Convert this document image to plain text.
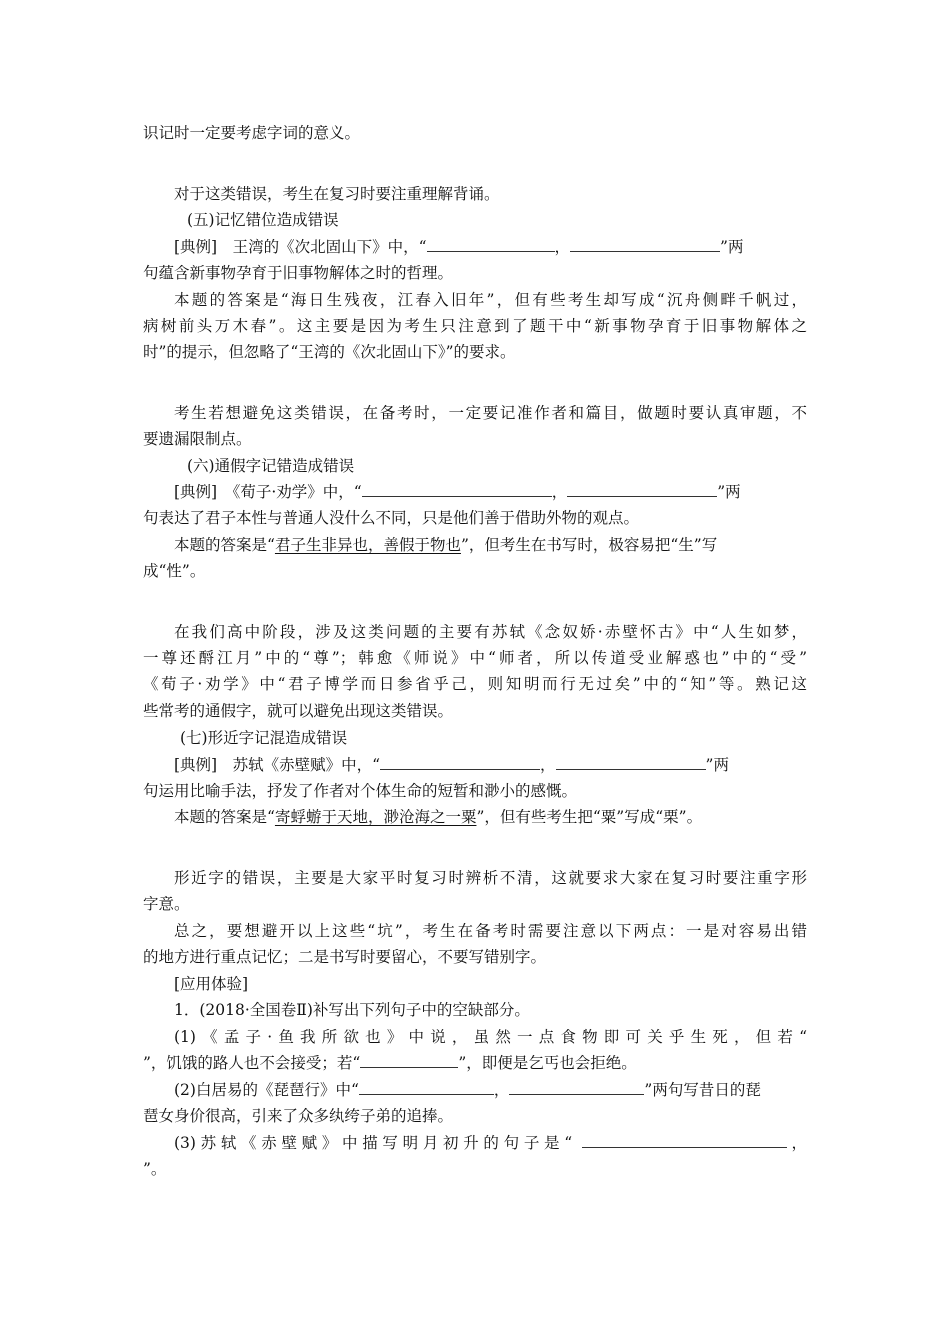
识记时一定要考虑字词的意义。
对于这类错误，考生在复习时要注重理解背诵。
(五)记忆错位造成错误
[典例]　王湾的《次北固山下》中，“	，	”两
句蕴含新事物孕育于旧事物解体之时的哲理。
本题的答案是“海日生残夜，江春入旧年”，但有些考生却写成“沉舟侧畔千帆过，
病树前头万木春”。这主要是因为考生只注意到了题干中“新事物孕育于旧事物解体之
时”的提示，但忽略了“王湾的《次北固山下》”的要求。
考生若想避免这类错误，在备考时，一定要记准作者和篇目，做题时要认真审题，不
要遗漏限制点。
(六)通假字记错造成错误
[典例]　《荀子·劝学》中，“	，	”两
句表达了君子本性与普通人没什么不同，只是他们善于借助外物的观点。
本题的答案是“君子生非异也，善假于物也”，但考生在书写时，极容易把“生”写
成“性”。
在我们高中阶段，涉及这类问题的主要有苏轼《念奴娇·赤壁怀古》中“人生如梦，
一尊还酹江月”中的“尊”；韩愈《师说》中“师者，所以传道受业解惑也”中的“受”
《荀子·劝学》中“君子博学而日参省乎己，则知明而行无过矣”中的“知”等。熟记这
些常考的通假字，就可以避免出现这类错误。
(七)形近字记混造成错误
[典例]　苏轼《赤壁赋》中，“	，	”两
句运用比喻手法，抒发了作者对个体生命的短暂和渺小的感慨。
本题的答案是“寄蜉蝣于天地，渺沧海之一粟”，但有些考生把“粟”写成“栗”。
形近字的错误，主要是大家平时复习时辨析不清，这就要求大家在复习时要注重字形
字意。
总之，要想避开以上这些“坑”，考生在备考时需要注意以下两点：一是对容易出错
的地方进行重点记忆；二是书写时要留心，不要写错别字。
[应用体验]
1．(2018·全国卷Ⅱ)补写出下列句子中的空缺部分。
(1)《孟子·鱼我所欲也》中说，虽然一点食物即可关乎生死，但若“
”，饥饿的路人也不会接受；若“	”，即便是乞丐也会拒绝。
(2)白居易的《琵琶行》中“	，	”两句写昔日的琵
琶女身价很高，引来了众多纨绔子弟的追捧。
(3)苏轼《赤壁赋》中描写明月初升的句子是“	，
”。
